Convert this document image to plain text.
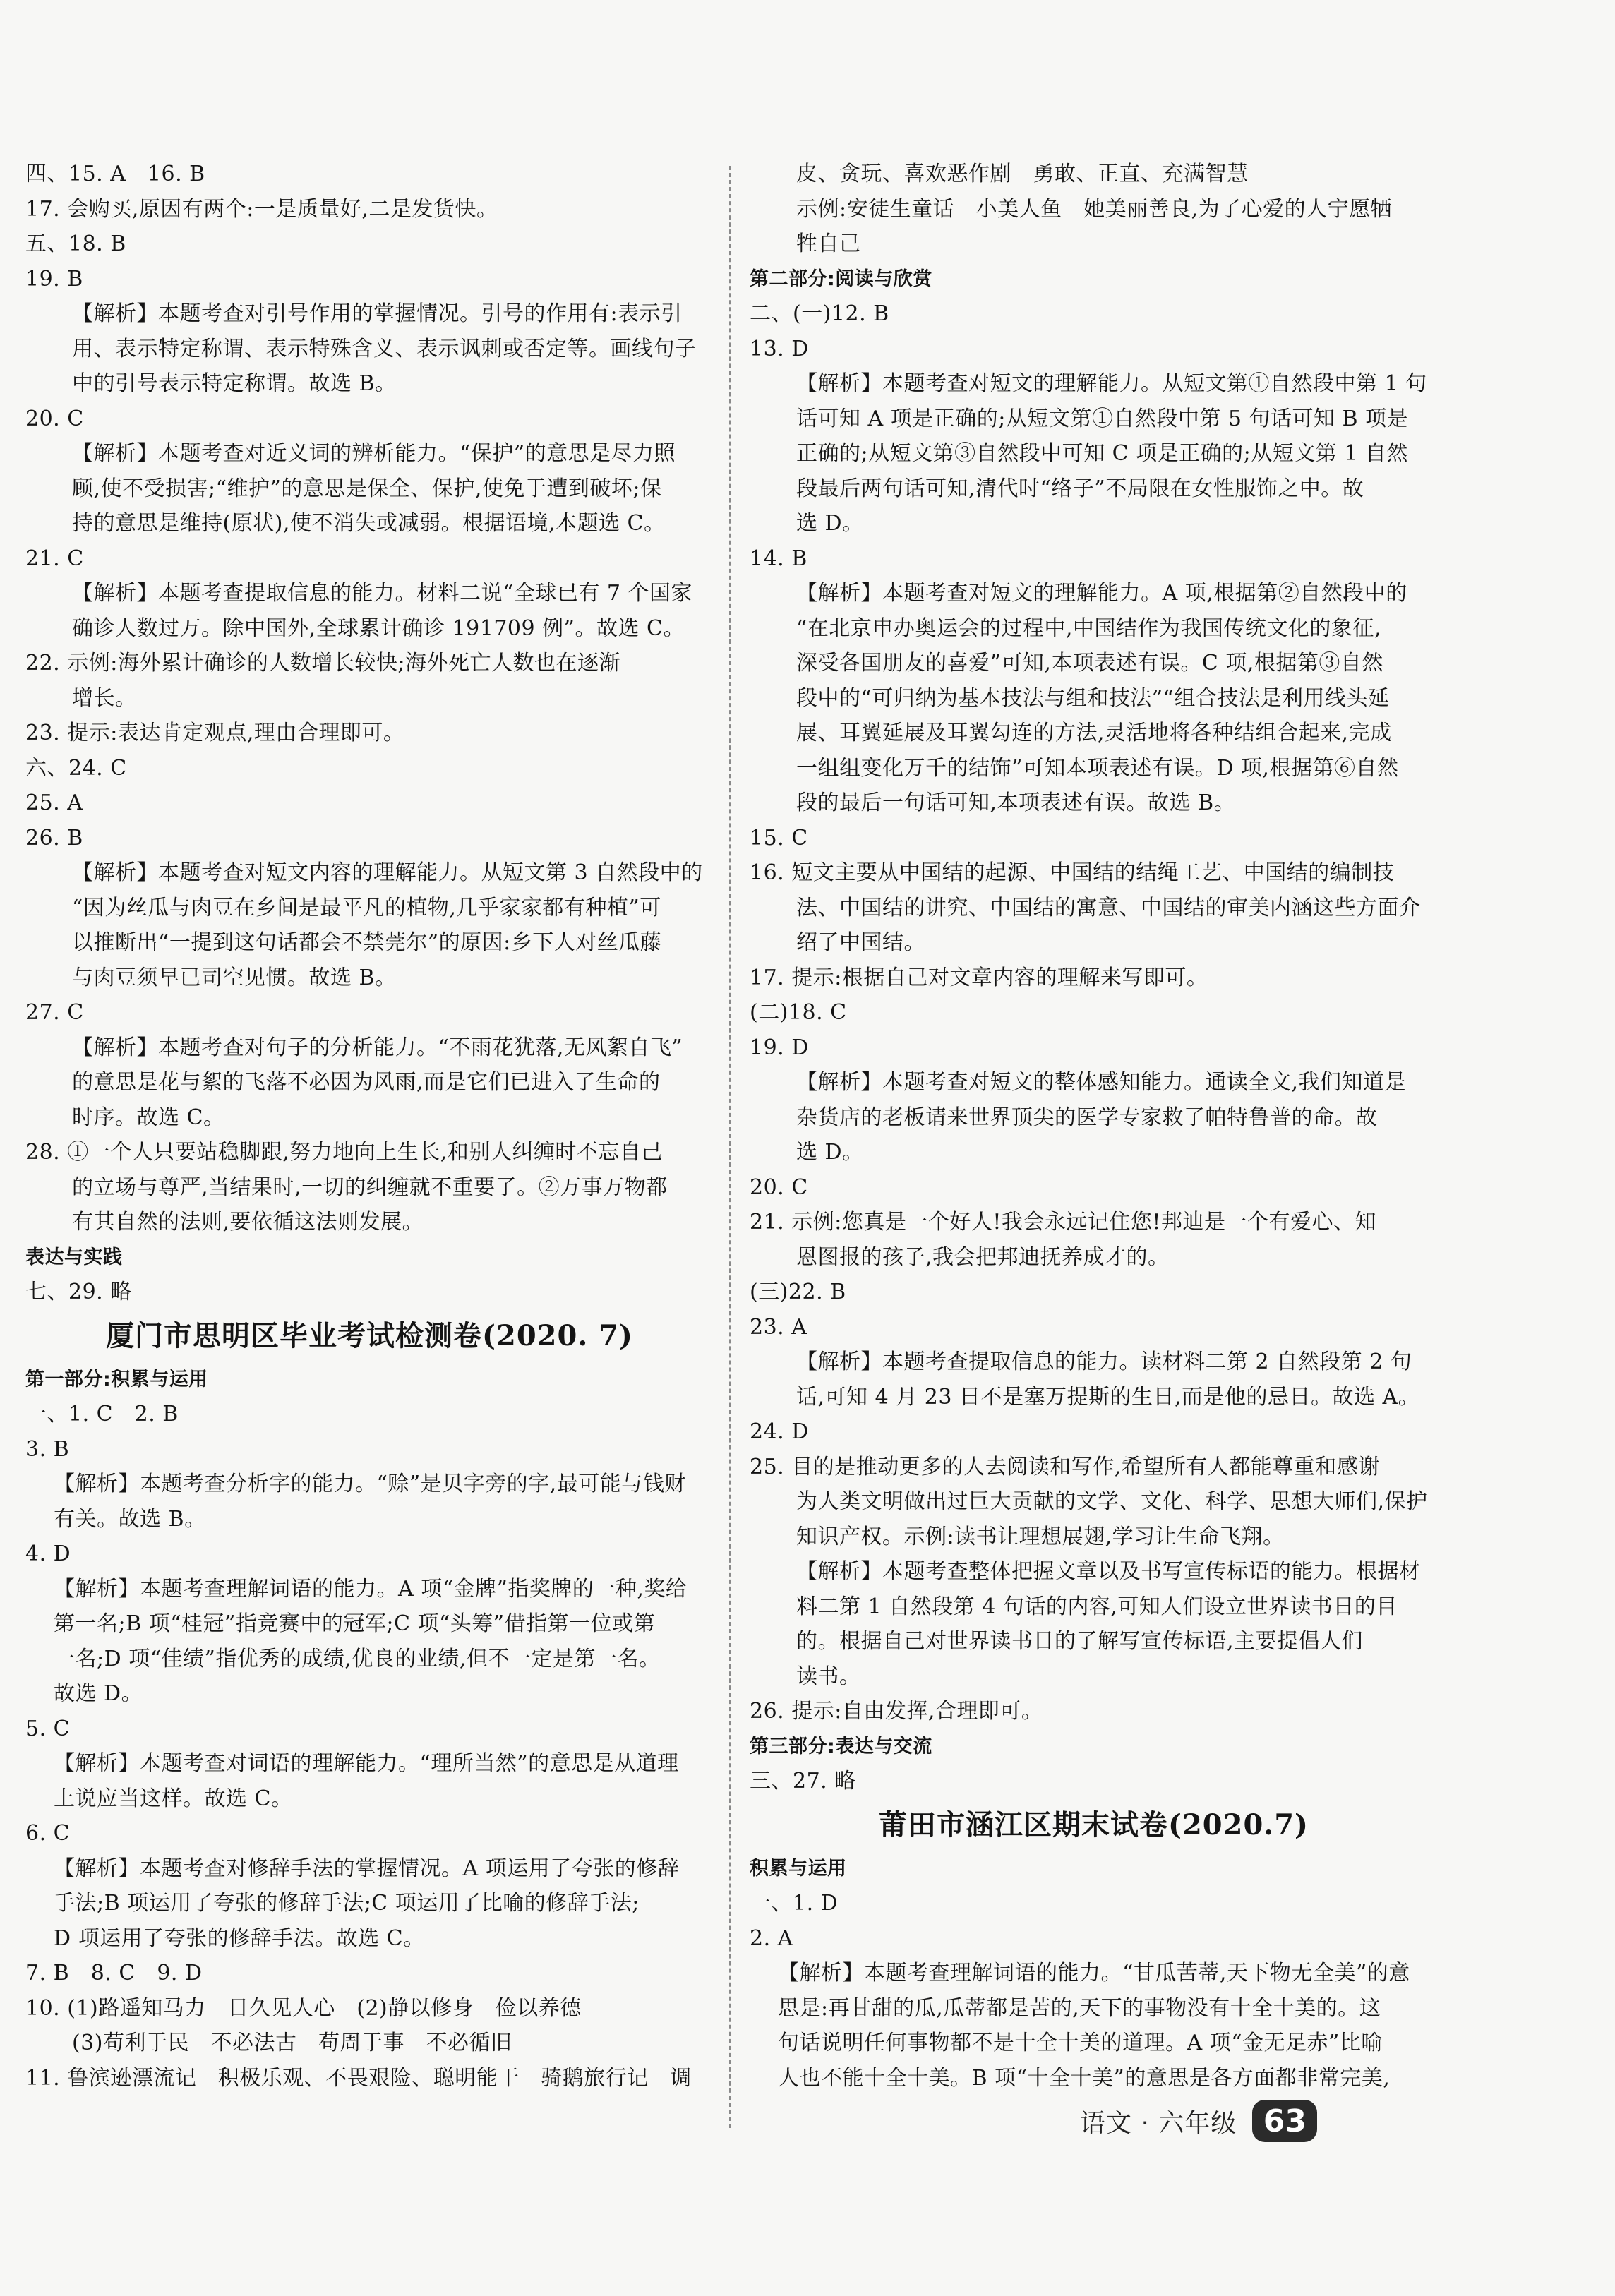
四、15. A　16. B
17. 会购买,原因有两个:一是质量好,二是发货快。
五、18. B
19. B
【解析】本题考查对引号作用的掌握情况。引号的作用有:表示引
用、表示特定称谓、表示特殊含义、表示讽刺或否定等。画线句子
中的引号表示特定称谓。故选 B。
20. C
【解析】本题考查对近义词的辨析能力。“保护”的意思是尽力照
顾,使不受损害;“维护”的意思是保全、保护,使免于遭到破坏;保
持的意思是维持(原状),使不消失或减弱。根据语境,本题选 C。
21. C
【解析】本题考查提取信息的能力。材料二说“全球已有 7 个国家
确诊人数过万。除中国外,全球累计确诊 191709 例”。故选 C。
22. 示例:海外累计确诊的人数增长较快;海外死亡人数也在逐渐
增长。
23. 提示:表达肯定观点,理由合理即可。
六、24. C
25. A
26. B
【解析】本题考查对短文内容的理解能力。从短文第 3 自然段中的
“因为丝瓜与肉豆在乡间是最平凡的植物,几乎家家都有种植”可
以推断出“一提到这句话都会不禁莞尔”的原因:乡下人对丝瓜藤
与肉豆须早已司空见惯。故选 B。
27. C
【解析】本题考查对句子的分析能力。“不雨花犹落,无风絮自飞”
的意思是花与絮的飞落不必因为风雨,而是它们已进入了生命的
时序。故选 C。
28. ①一个人只要站稳脚跟,努力地向上生长,和别人纠缠时不忘自己
的立场与尊严,当结果时,一切的纠缠就不重要了。②万事万物都
有其自然的法则,要依循这法则发展。
表达与实践
七、29. 略
厦门市思明区毕业考试检测卷(2020. 7)
第一部分:积累与运用
一、1. C　2. B
3. B
【解析】本题考查分析字的能力。“赊”是贝字旁的字,最可能与钱财
有关。故选 B。
4. D
【解析】本题考查理解词语的能力。A 项“金牌”指奖牌的一种,奖给
第一名;B 项“桂冠”指竞赛中的冠军;C 项“头筹”借指第一位或第
一名;D 项“佳绩”指优秀的成绩,优良的业绩,但不一定是第一名。
故选 D。
5. C
【解析】本题考查对词语的理解能力。“理所当然”的意思是从道理
上说应当这样。故选 C。
6. C
【解析】本题考查对修辞手法的掌握情况。A 项运用了夸张的修辞
手法;B 项运用了夸张的修辞手法;C 项运用了比喻的修辞手法;
D 项运用了夸张的修辞手法。故选 C。
7. B　8. C　9. D
10. (1)路遥知马力　日久见人心　(2)静以修身　俭以养德
(3)苟利于民　不必法古　苟周于事　不必循旧
11. 鲁滨逊漂流记　积极乐观、不畏艰险、聪明能干　骑鹅旅行记　调
皮、贪玩、喜欢恶作剧　勇敢、正直、充满智慧
示例:安徒生童话　小美人鱼　她美丽善良,为了心爱的人宁愿牺
牲自己
第二部分:阅读与欣赏
二、(一)12. B
13. D
【解析】本题考查对短文的理解能力。从短文第①自然段中第 1 句
话可知 A 项是正确的;从短文第①自然段中第 5 句话可知 B 项是
正确的;从短文第③自然段中可知 C 项是正确的;从短文第 1 自然
段最后两句话可知,清代时“络子”不局限在女性服饰之中。故
选 D。
14. B
【解析】本题考查对短文的理解能力。A 项,根据第②自然段中的
“在北京申办奥运会的过程中,中国结作为我国传统文化的象征,
深受各国朋友的喜爱”可知,本项表述有误。C 项,根据第③自然
段中的“可归纳为基本技法与组和技法”“组合技法是利用线头延
展、耳翼延展及耳翼勾连的方法,灵活地将各种结组合起来,完成
一组组变化万千的结饰”可知本项表述有误。D 项,根据第⑥自然
段的最后一句话可知,本项表述有误。故选 B。
15. C
16. 短文主要从中国结的起源、中国结的结绳工艺、中国结的编制技
法、中国结的讲究、中国结的寓意、中国结的审美内涵这些方面介
绍了中国结。
17. 提示:根据自己对文章内容的理解来写即可。
(二)18. C
19. D
【解析】本题考查对短文的整体感知能力。通读全文,我们知道是
杂货店的老板请来世界顶尖的医学专家救了帕特鲁普的命。故
选 D。
20. C
21. 示例:您真是一个好人!我会永远记住您!邦迪是一个有爱心、知
恩图报的孩子,我会把邦迪抚养成才的。
(三)22. B
23. A
【解析】本题考查提取信息的能力。读材料二第 2 自然段第 2 句
话,可知 4 月 23 日不是塞万提斯的生日,而是他的忌日。故选 A。
24. D
25. 目的是推动更多的人去阅读和写作,希望所有人都能尊重和感谢
为人类文明做出过巨大贡献的文学、文化、科学、思想大师们,保护
知识产权。示例:读书让理想展翅,学习让生命飞翔。
【解析】本题考查整体把握文章以及书写宣传标语的能力。根据材
料二第 1 自然段第 4 句话的内容,可知人们设立世界读书日的目
的。根据自己对世界读书日的了解写宣传标语,主要提倡人们
读书。
26. 提示:自由发挥,合理即可。
第三部分:表达与交流
三、27. 略
莆田市涵江区期末试卷(2020.7)
积累与运用
一、1. D
2. A
【解析】本题考查理解词语的能力。“甘瓜苦蒂,天下物无全美”的意
思是:再甘甜的瓜,瓜蒂都是苦的,天下的事物没有十全十美的。这
句话说明任何事物都不是十全十美的道理。A 项“金无足赤”比喻
人也不能十全十美。B 项“十全十美”的意思是各方面都非常完美,
语文 · 六年级 63
